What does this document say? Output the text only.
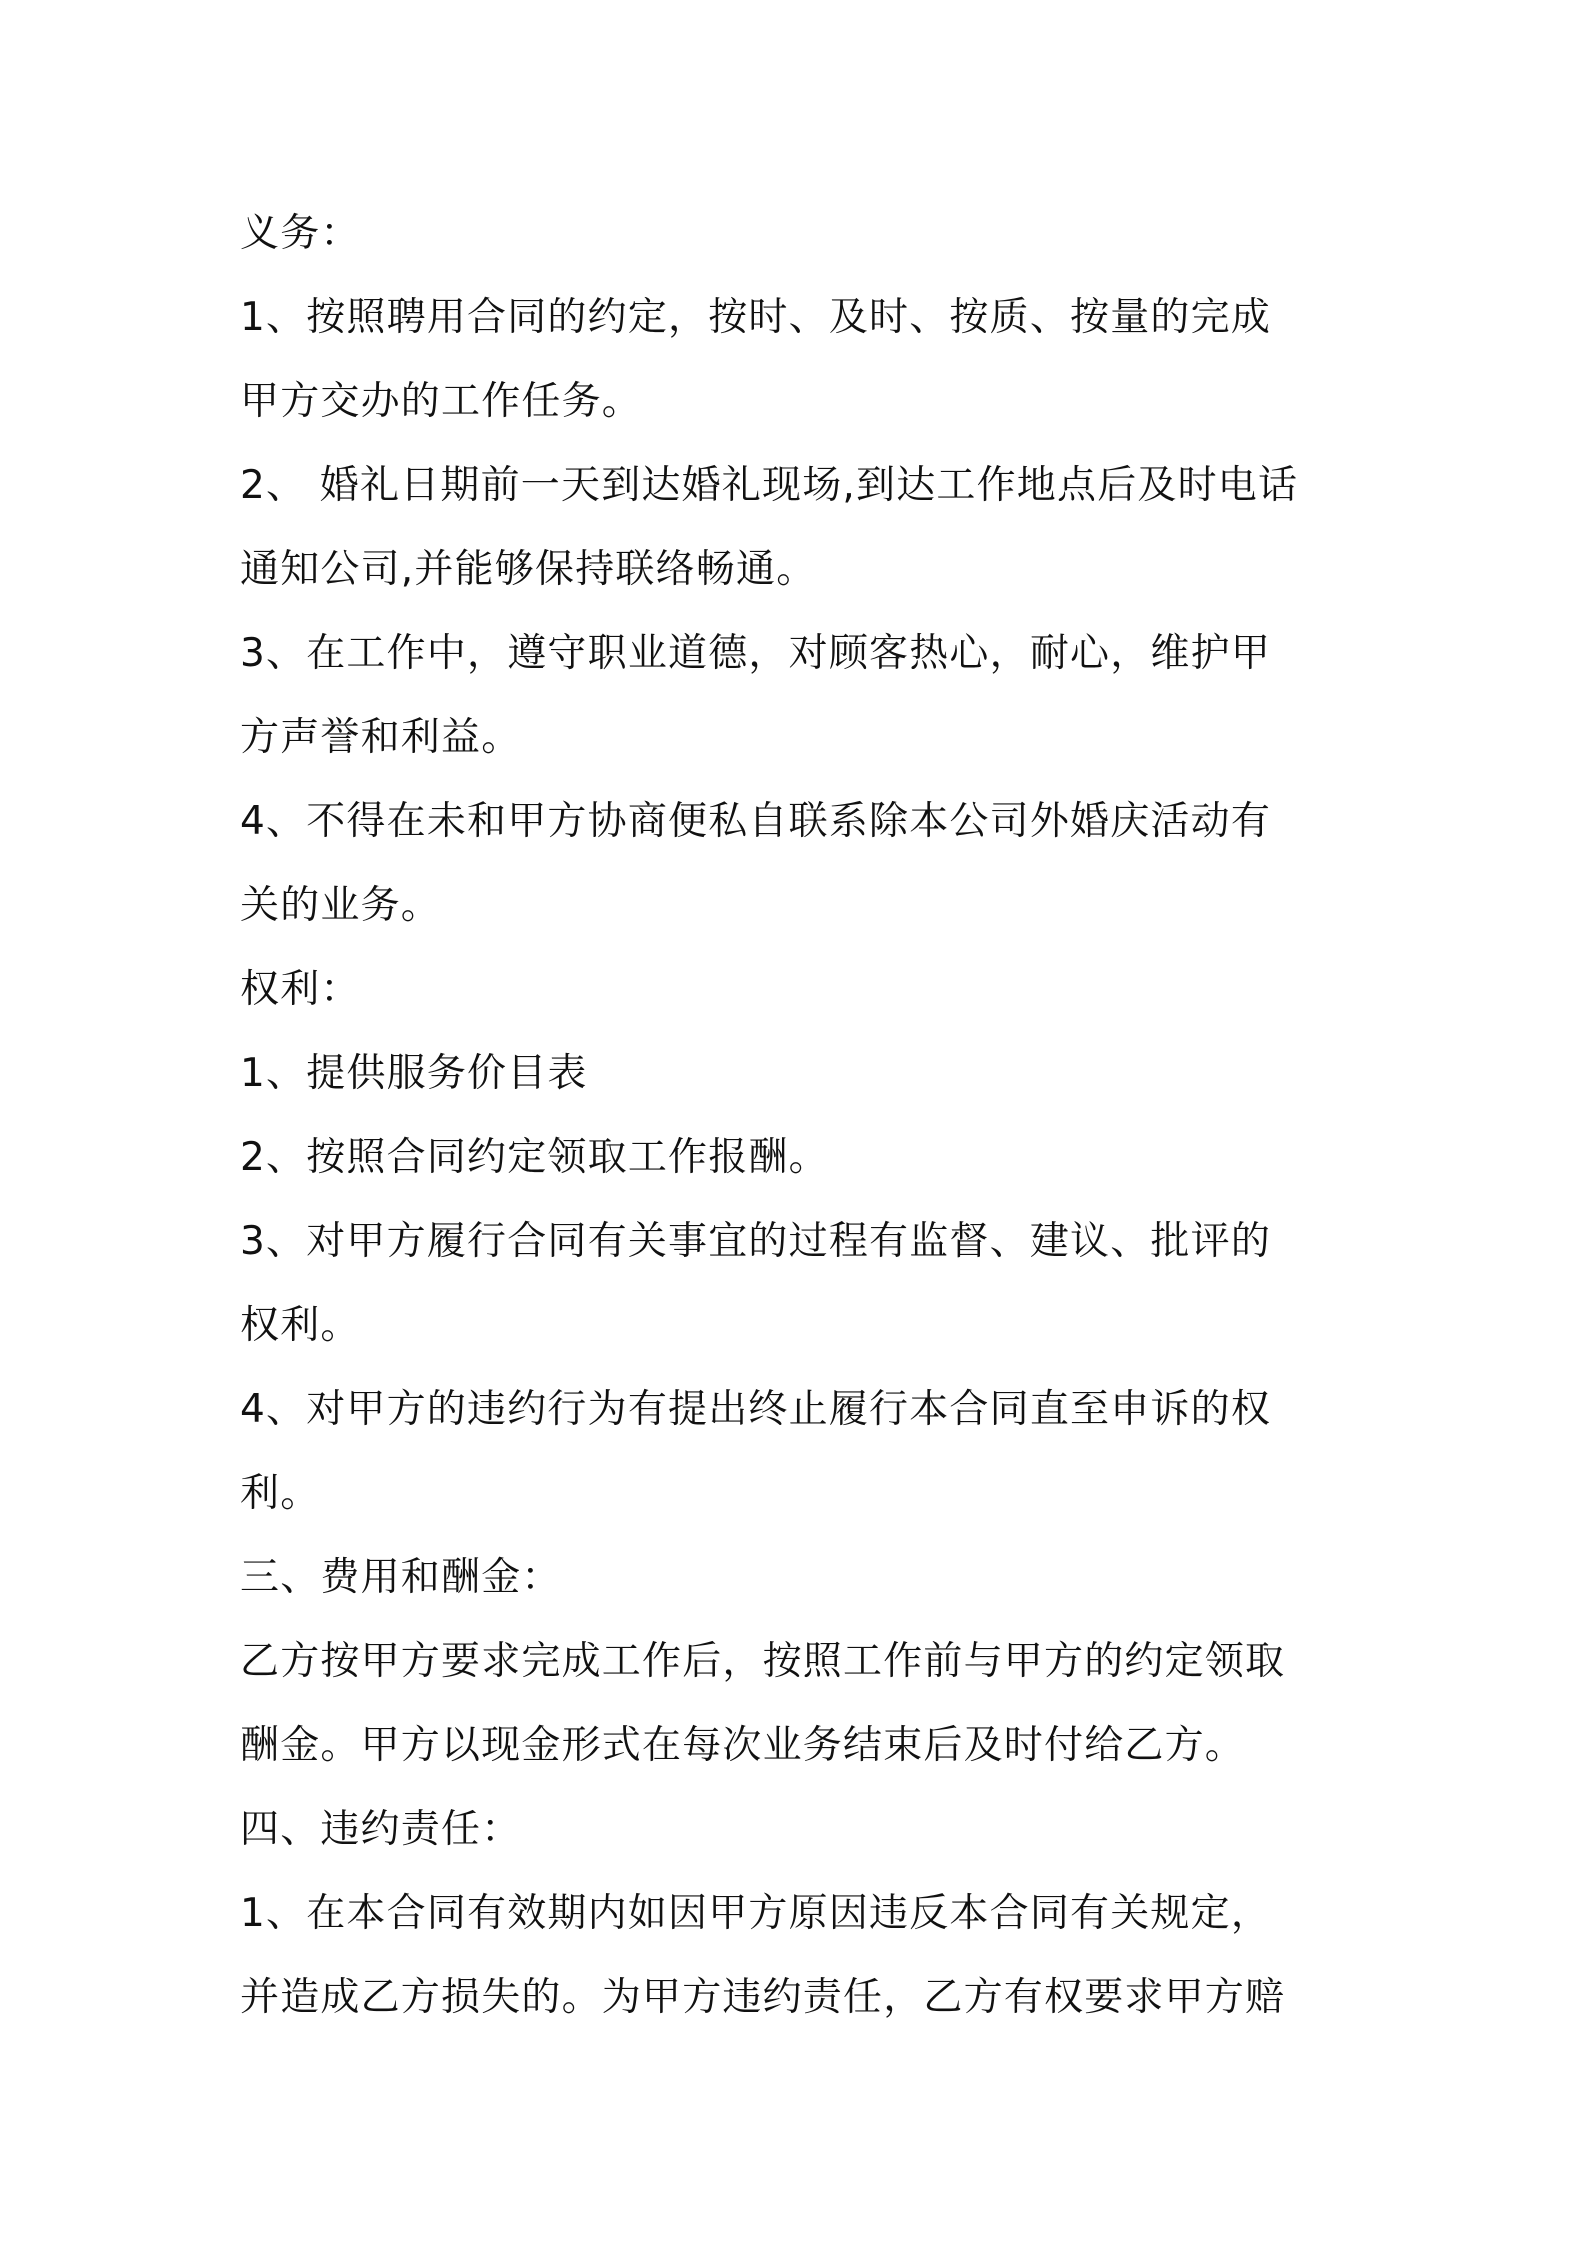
义务：
1、按照聘用合同的约定，按时、及时、按质、按量的完成
甲方交办的工作任务。
2、 婚礼日期前一天到达婚礼现场,到达工作地点后及时电话
通知公司,并能够保持联络畅通。
3、在工作中，遵守职业道德，对顾客热心，耐心，维护甲
方声誉和利益。
4、不得在未和甲方协商便私自联系除本公司外婚庆活动有
关的业务。
权利：
1、提供服务价目表
2、按照合同约定领取工作报酬。
3、对甲方履行合同有关事宜的过程有监督、建议、批评的
权利。
4、对甲方的违约行为有提出终止履行本合同直至申诉的权
利。
三、费用和酬金：
乙方按甲方要求完成工作后，按照工作前与甲方的约定领取
酬金。甲方以现金形式在每次业务结束后及时付给乙方。
四、违约责任：
1、在本合同有效期内如因甲方原因违反本合同有关规定，
并造成乙方损失的。为甲方违约责任，乙方有权要求甲方赔
